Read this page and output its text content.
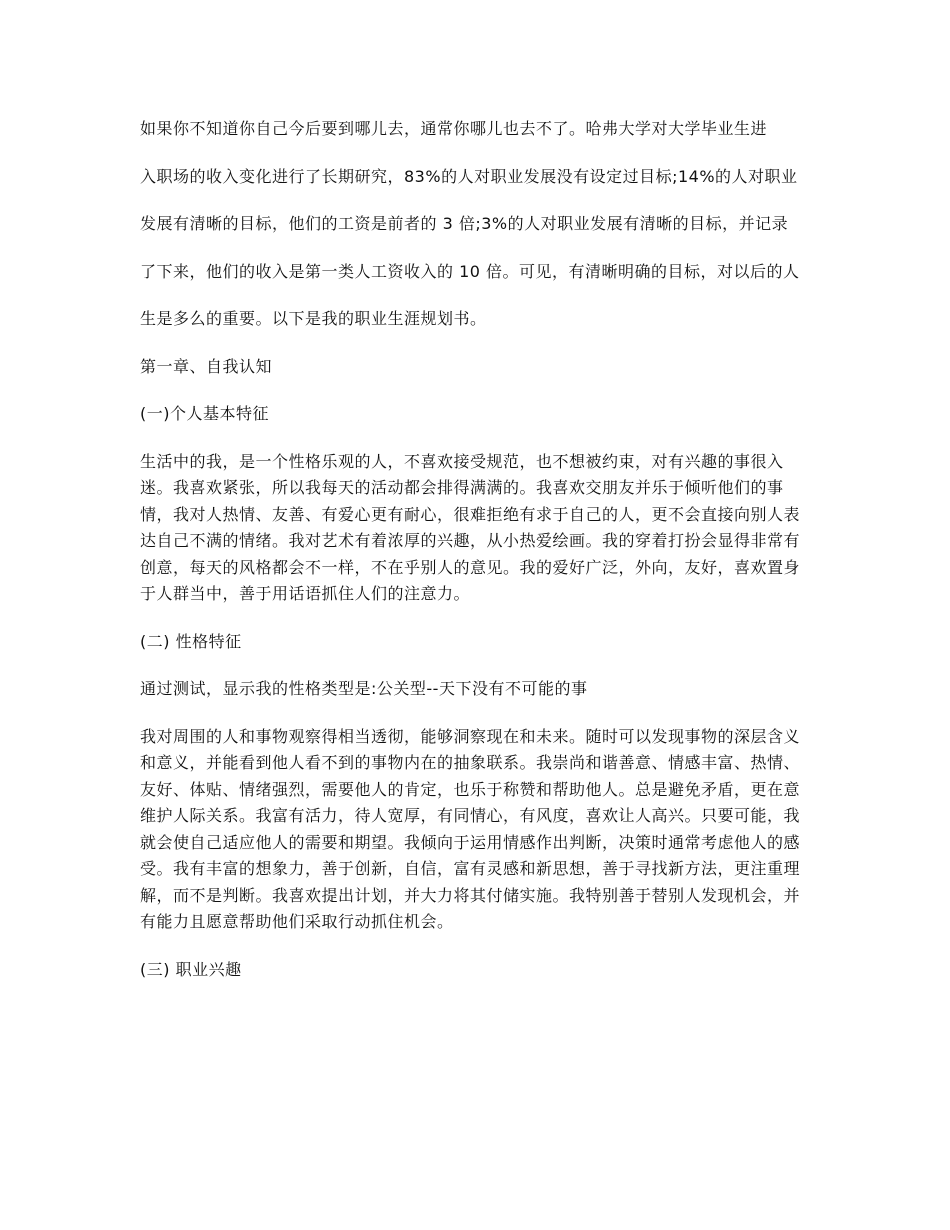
如果你不知道你自己今后要到哪儿去，通常你哪儿也去不了。哈弗大学对大学毕业生进

入职场的收入变化进行了长期研究，83%的人对职业发展没有设定过目标;14%的人对职业

发展有清晰的目标，他们的工资是前者的 3 倍;3%的人对职业发展有清晰的目标，并记录

了下来，他们的收入是第一类人工资收入的 10 倍。可见，有清晰明确的目标，对以后的人

生是多么的重要。以下是我的职业生涯规划书。

第一章、自我认知

(一)个人基本特征

生活中的我，是一个性格乐观的人，不喜欢接受规范，也不想被约束，对有兴趣的事很入迷。我喜欢紧张，所以我每天的活动都会排得满满的。我喜欢交朋友并乐于倾听他们的事情，我对人热情、友善、有爱心更有耐心，很难拒绝有求于自己的人，更不会直接向别人表达自己不满的情绪。我对艺术有着浓厚的兴趣，从小热爱绘画。我的穿着打扮会显得非常有创意，每天的风格都会不一样，不在乎别人的意见。我的爱好广泛，外向，友好，喜欢置身于人群当中，善于用话语抓住人们的注意力。

(二) 性格特征

通过测试，显示我的性格类型是:公关型--天下没有不可能的事

我对周围的人和事物观察得相当透彻，能够洞察现在和未来。随时可以发现事物的深层含义和意义，并能看到他人看不到的事物内在的抽象联系。我崇尚和谐善意、情感丰富、热情、友好、体贴、情绪强烈，需要他人的肯定，也乐于称赞和帮助他人。总是避免矛盾，更在意维护人际关系。我富有活力，待人宽厚，有同情心，有风度，喜欢让人高兴。只要可能，我就会使自己适应他人的需要和期望。我倾向于运用情感作出判断，决策时通常考虑他人的感受。我有丰富的想象力，善于创新，自信，富有灵感和新思想，善于寻找新方法，更注重理解，而不是判断。我喜欢提出计划，并大力将其付储实施。我特别善于替别人发现机会，并有能力且愿意帮助他们采取行动抓住机会。

(三) 职业兴趣
